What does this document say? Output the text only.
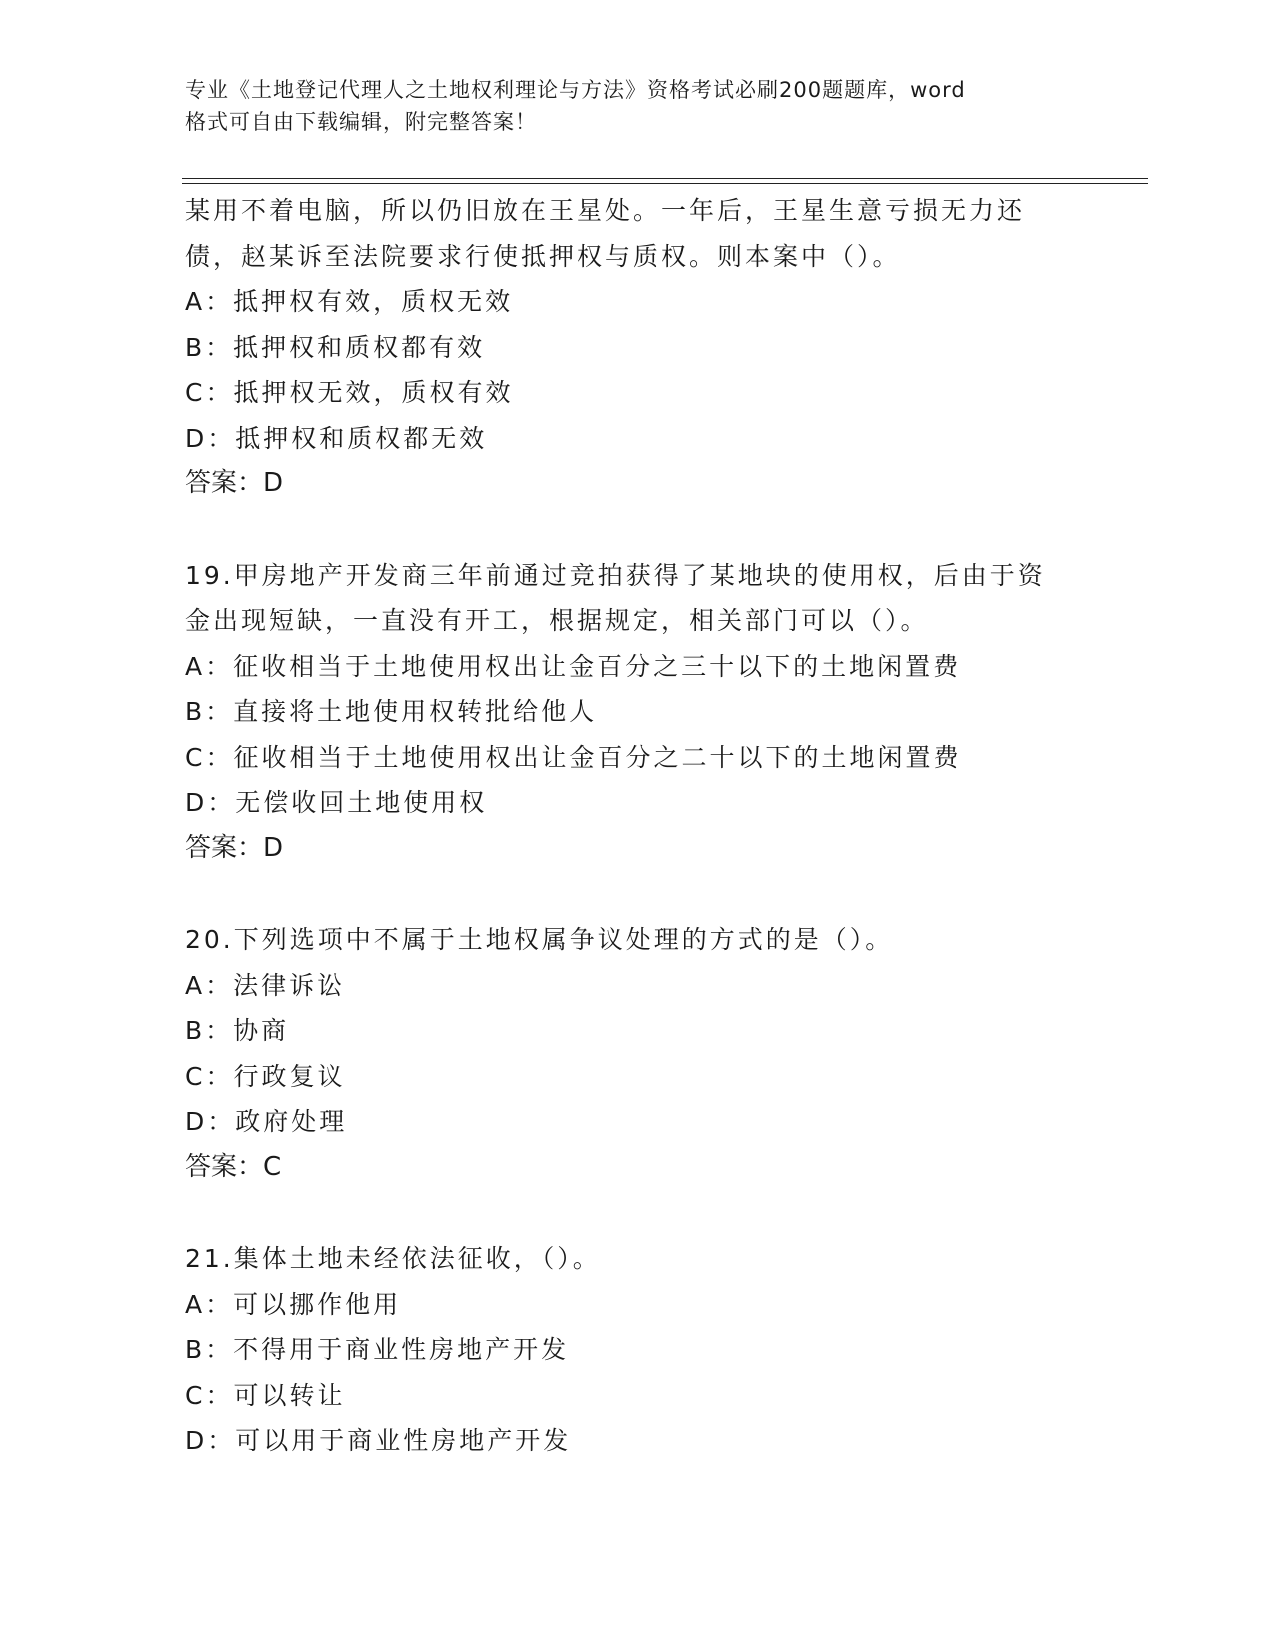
专业《土地登记代理人之土地权利理论与方法》资格考试必刷200题题库，word
格式可自由下载编辑，附完整答案！
某用不着电脑，所以仍旧放在王星处。一年后，王星生意亏损无力还
债，赵某诉至法院要求行使抵押权与质权。则本案中（）。
A：抵押权有效，质权无效
B：抵押权和质权都有效
C：抵押权无效，质权有效
D：抵押权和质权都无效
答案：D
19.甲房地产开发商三年前通过竞拍获得了某地块的使用权，后由于资
金出现短缺，一直没有开工，根据规定，相关部门可以（）。
A：征收相当于土地使用权出让金百分之三十以下的土地闲置费
B：直接将土地使用权转批给他人
C：征收相当于土地使用权出让金百分之二十以下的土地闲置费
D：无偿收回土地使用权
答案：D
20.下列选项中不属于土地权属争议处理的方式的是（）。
A：法律诉讼
B：协商
C：行政复议
D：政府处理
答案：C
21.集体土地未经依法征收，（）。
A：可以挪作他用
B：不得用于商业性房地产开发
C：可以转让
D：可以用于商业性房地产开发
